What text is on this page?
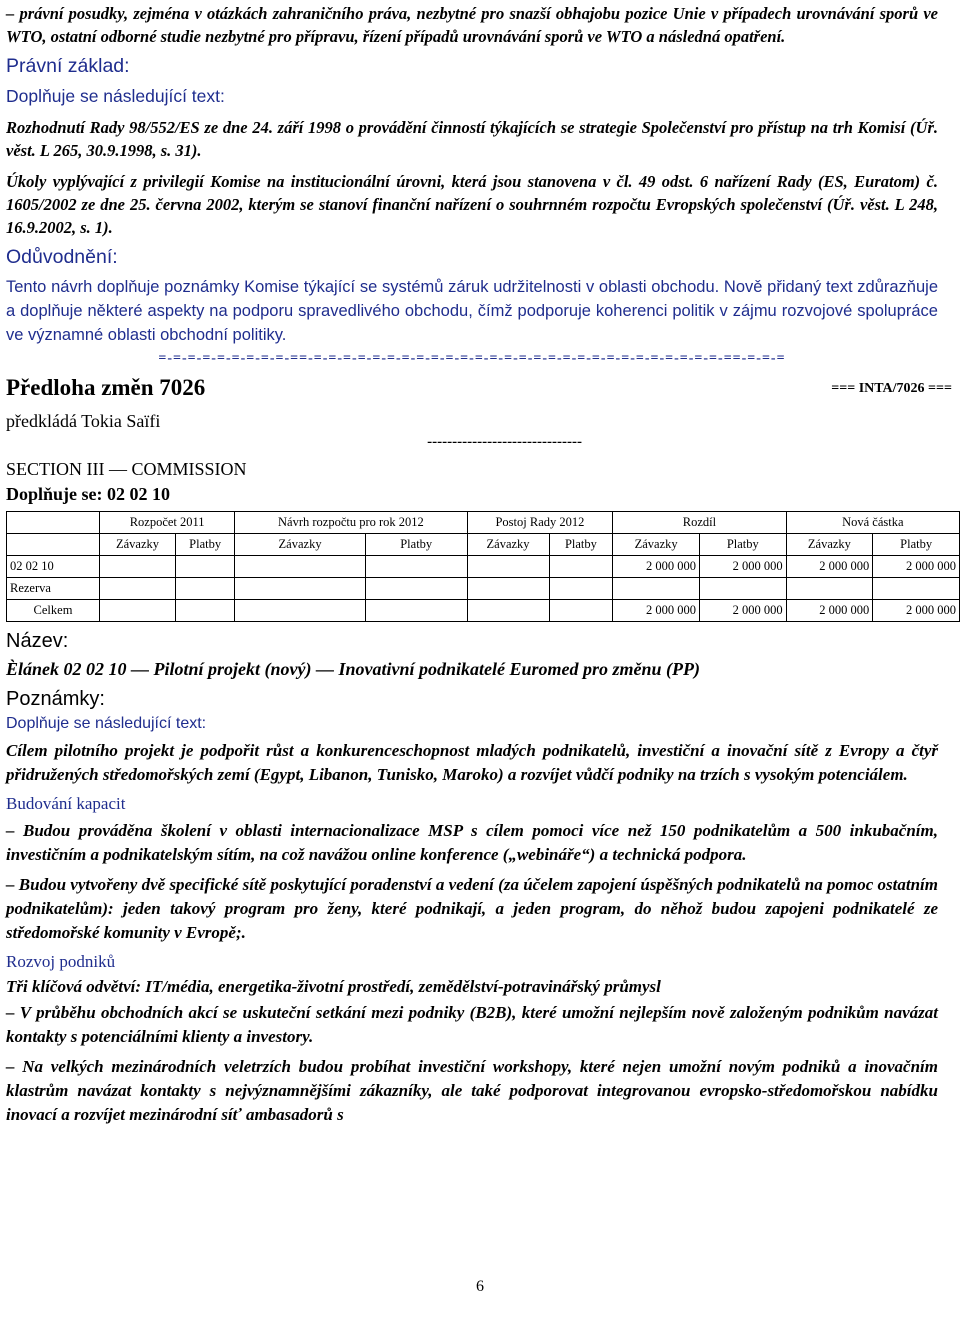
– právní posudky, zejména v otázkách zahraničního práva, nezbytné pro snazší obhajobu pozice Unie v případech urovnávání sporů ve WTO, ostatní odborné studie nezbytné pro přípravu, řízení případů urovnávání sporů ve WTO a následná opatření.
Právní základ:
Doplňuje se následující text:
Rozhodnutí Rady 98/552/ES ze dne 24. září 1998 o provádění činností týkajících se strategie Společenství pro přístup na trh Komisí (Úř. věst. L 265, 30.9.1998, s. 31).
Úkoly vyplývající z privilegií Komise na institucionální úrovni, která jsou stanovena v čl. 49 odst. 6 nařízení Rady (ES, Euratom) č. 1605/2002 ze dne 25. června 2002, kterým se stanoví finanční nařízení o souhrnném rozpočtu Evropských společenství (Úř. věst. L 248, 16.9.2002, s. 1).
Odůvodnění:
Tento návrh doplňuje poznámky Komise týkající se systémů záruk udržitelnosti v oblasti obchodu. Nově přidaný text zdůrazňuje a doplňuje některé aspekty na podporu spravedlivého obchodu, čímž podporuje koherenci politik v zájmu rozvojové spolupráce ve významné oblasti obchodní politiky.
=-=-=-=-=-=-=-=-=-==-=-=-=-=-=-=-=-=-=-=-=-=-=-=-=-=-=-=-=-=-=-=-=-=-=-=-=-=-==-=-=-=
Předloha změn 7026	=== INTA/7026 ===
předkládá Tokia Saïfi
-------------------------------
SECTION III — COMMISSION
Doplňuje se: 02 02 10
	Rozpočet 2011		Návrh rozpočtu pro rok 2012		Postoj Rady 2012		Rozdíl		Nová částka	
	Závazky	Platby	Závazky	Platby	Závazky	Platby	Závazky	Platby	Závazky	Platby
02 02 10							2 000 000	2 000 000	2 000 000	2 000 000
Rezerva										
Celkem							2 000 000	2 000 000	2 000 000	2 000 000
Název:
Èlánek 02 02 10 — Pilotní projekt (nový) — Inovativní podnikatelé Euromed pro změnu (PP)
Poznámky:
Doplňuje se následující text:
Cílem pilotního projekt je podpořit růst a konkurenceschopnost mladých podnikatelů, investiční a inovační sítě z Evropy a čtyř přidružených středomořských zemí (Egypt, Libanon, Tunisko, Maroko) a rozvíjet vůdčí podniky na trzích s vysokým potenciálem.
Budování kapacit
– Budou prováděna školení v oblasti internacionalizace MSP s cílem pomoci více než 150 podnikatelům a 500 inkubačním, investičním a podnikatelským sítím, na což navážou online konference („webináře“) a technická podpora.
– Budou vytvořeny dvě specifické sítě poskytující poradenství a vedení (za účelem zapojení úspěšných podnikatelů na pomoc ostatním podnikatelům): jeden takový program pro ženy, které podnikají, a jeden program, do něhož budou zapojeni podnikatelé ze středomořské komunity v Evropě;.
Rozvoj podniků
Tři klíčová odvětví: IT/média, energetika-životní prostředí, zemědělství-potravinářský průmysl
– V průběhu obchodních akcí se uskuteční setkání mezi podniky (B2B), které umožní nejlepším nově založeným podnikům navázat kontakty s potenciálními klienty a investory.
– Na velkých mezinárodních veletrzích budou probíhat investiční workshopy, které nejen umožní novým podniků a inovačním klastrům navázat kontakty s nejvýznamnějšími zákazníky, ale také podporovat integrovanou evropsko-středomořskou nabídku inovací a rozvíjet mezinárodní síť ambasadorů s
6
